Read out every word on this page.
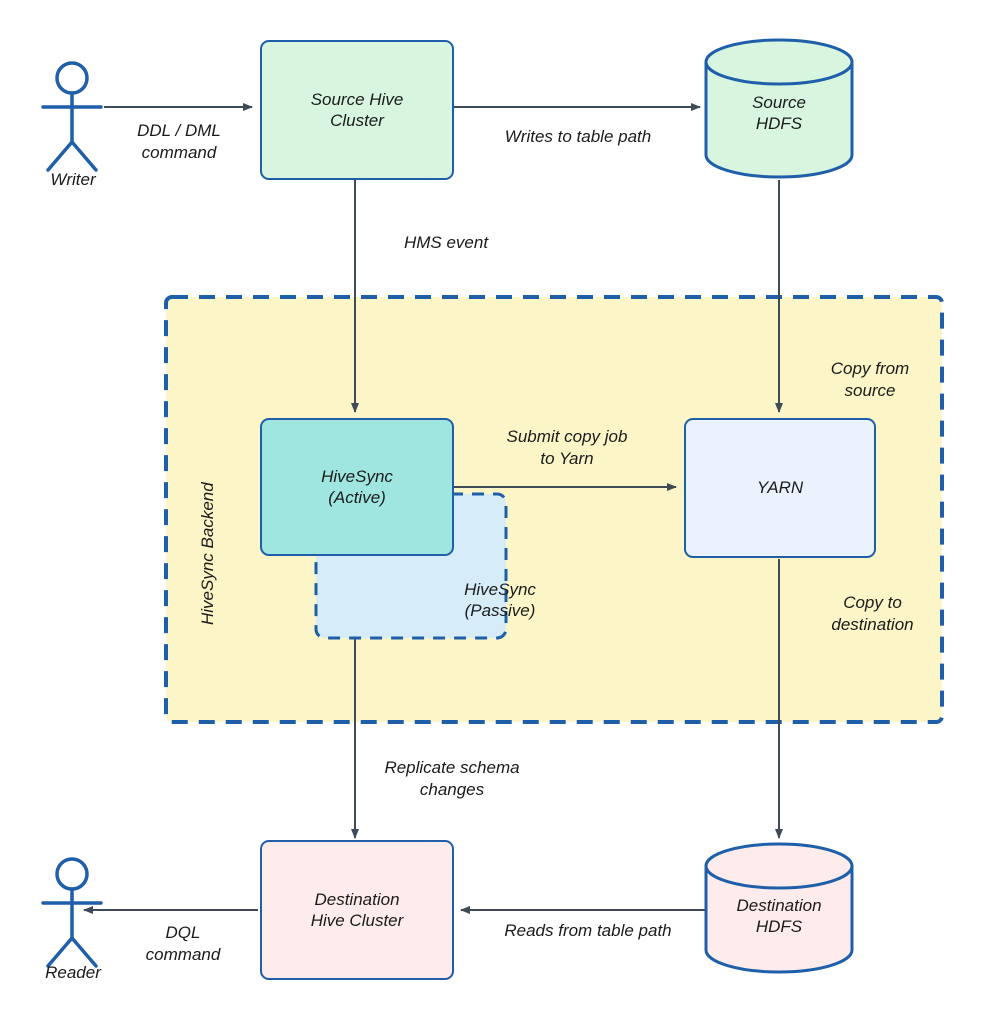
Source Hive
Cluster
HiveSync
(Active)
HiveSync
(Passive)
YARN
Destination
Hive Cluster
Source
HDFS
Destination
HDFS
Writer
Reader
HiveSync Backend
DDL / DML
command
Writes to table path
HMS event
Copy from
source
Submit copy job
to Yarn
Copy to
destination
Replicate schema
changes
Reads from table path
DQL
command
